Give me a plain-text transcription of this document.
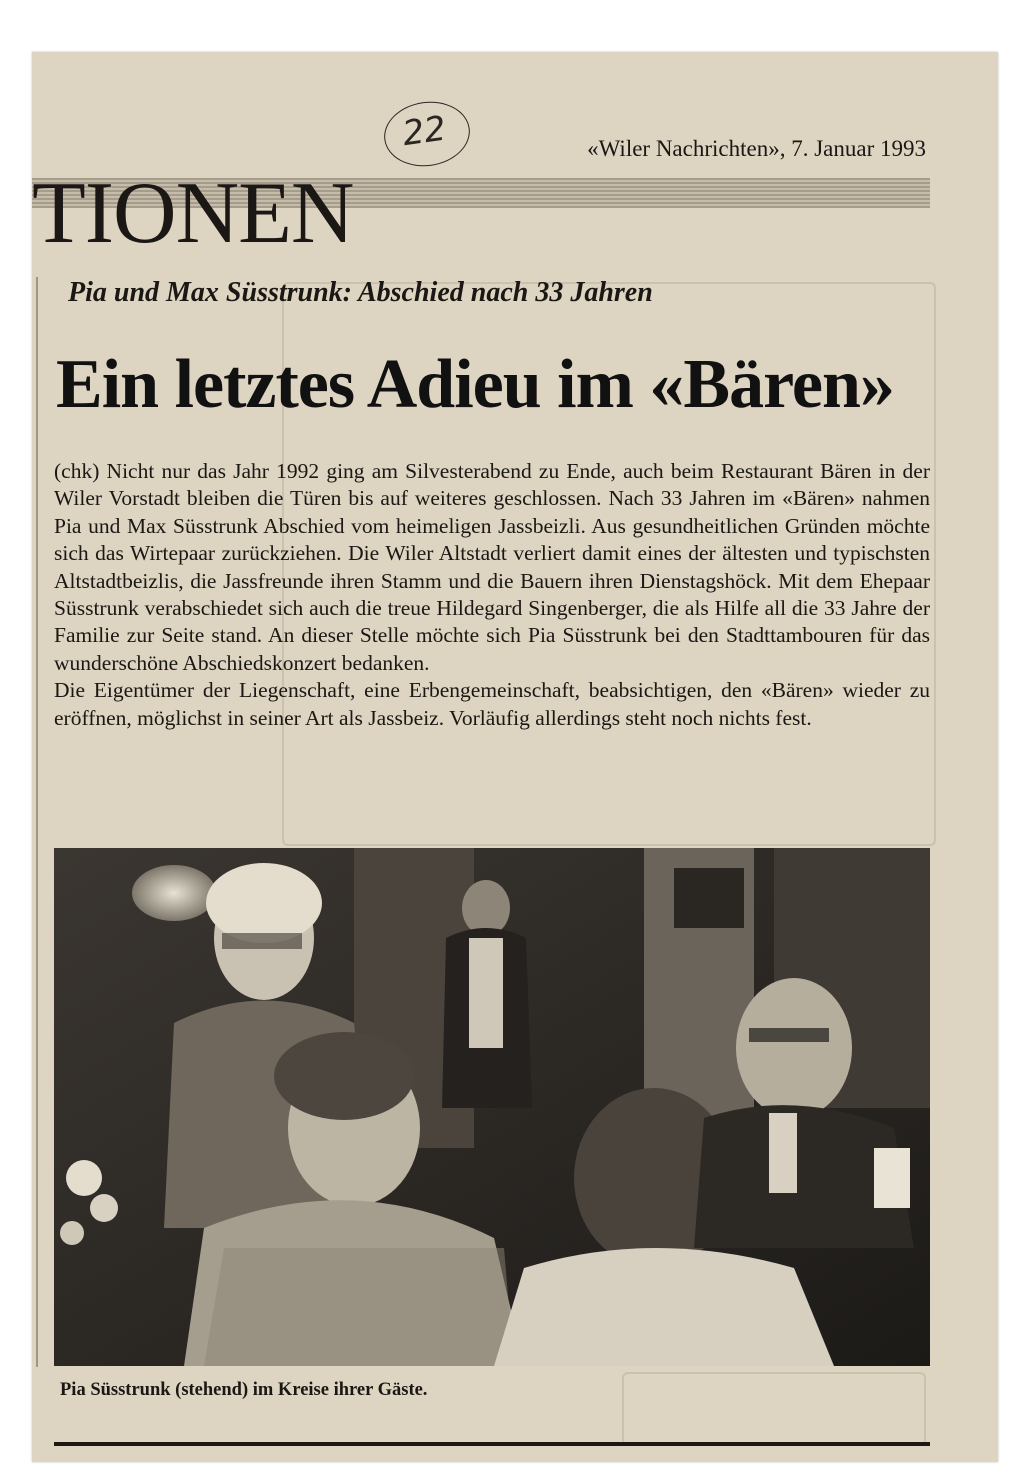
TIONEN
22	«Wiler Nachrichten», 7. Januar 1993
Pia und Max Süsstrunk: Abschied nach 33 Jahren
Ein letztes Adieu im «Bären»

(chk) Nicht nur das Jahr 1992 ging am Silvesterabend zu Ende, auch beim Restaurant Bären in der Wiler Vorstadt bleiben die Türen bis auf weiteres geschlossen. Nach 33 Jahren im «Bären» nahmen Pia und Max Süsstrunk Abschied vom heimeligen Jassbeizli. Aus gesundheitlichen Gründen möchte sich das Wirtepaar zurückziehen. Die Wiler Altstadt verliert damit eines der ältesten und typischsten Altstadtbeizlis, die Jassfreunde ihren Stamm und die Bauern ihren Dienstagshöck. Mit dem Ehepaar Süsstrunk verabschiedet sich auch die treue Hildegard Singenberger, die als Hilfe all die 33 Jahre der Familie zur Seite stand. An dieser Stelle möchte sich Pia Süsstrunk bei den Stadttambouren für das wunderschöne Abschiedskonzert bedanken.

Die Eigentümer der Liegenschaft, eine Erbengemeinschaft, beabsichtigen, den «Bären» wieder zu eröffnen, möglichst in seiner Art als Jassbeiz. Vorläufig allerdings steht noch nichts fest.

Pia Süsstrunk (stehend) im Kreise ihrer Gäste.
